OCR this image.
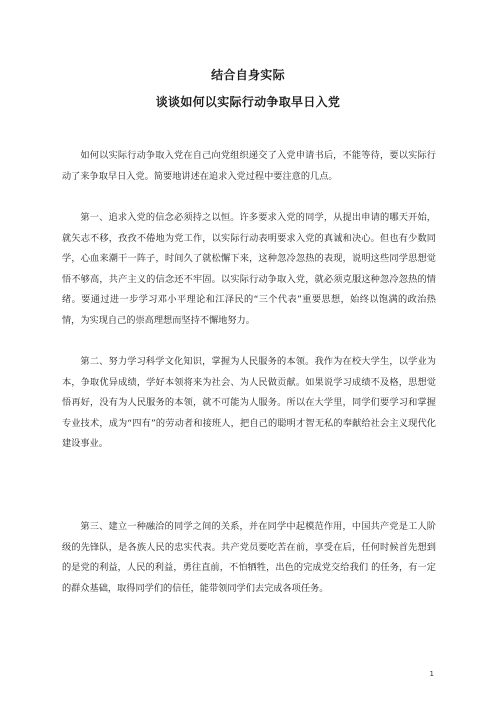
结合自身实际
谈谈如何以实际行动争取早日入党

如何以实际行动争取入党在自己向党组织递交了入党申请书后，不能等待，要以实际行动了来争取早日入党。简要地讲述在追求入党过程中要注意的几点。

第一、追求入党的信念必须持之以恒。许多要求入党的同学，从提出申请的哪天开始，就矢志不移，孜孜不倦地为党工作，以实际行动表明要求入党的真诚和决心。但也有少数同学，心血来潮干一阵子，时间久了就松懈下来，这种忽冷忽热的表现，说明这些同学思想觉悟不够高，共产主义的信念还不牢固。以实际行动争取入党，就必须克服这种忽冷忽热的情绪。要通过进一步学习邓小平理论和江泽民的“三个代表”重要思想，始终以饱满的政治热情，为实现自己的崇高理想而坚持不懈地努力。

第二、努力学习科学文化知识，掌握为人民服务的本领。我作为在校大学生，以学业为本，争取优异成绩，学好本领将来为社会、为人民做贡献。如果说学习成绩不及格，思想觉悟再好，没有为人民服务的本领，就不可能为人服务。所以在大学里，同学们要学习和掌握专业技术，成为“四有”的劳动者和接班人，把自己的聪明才智无私的奉献给社会主义现代化建设事业。

第三、建立一种融洽的同学之间的关系，并在同学中起模范作用，中国共产党是工人阶级的先锋队，是各族人民的忠实代表。共产党员要吃苦在前，享受在后，任何时候首先想到的是党的利益，人民的利益，勇往直前，不怕牺牲，出色的完成党交给我们 的任务，有一定的群众基础，取得同学们的信任，能带领同学们去完成各项任务。

1
